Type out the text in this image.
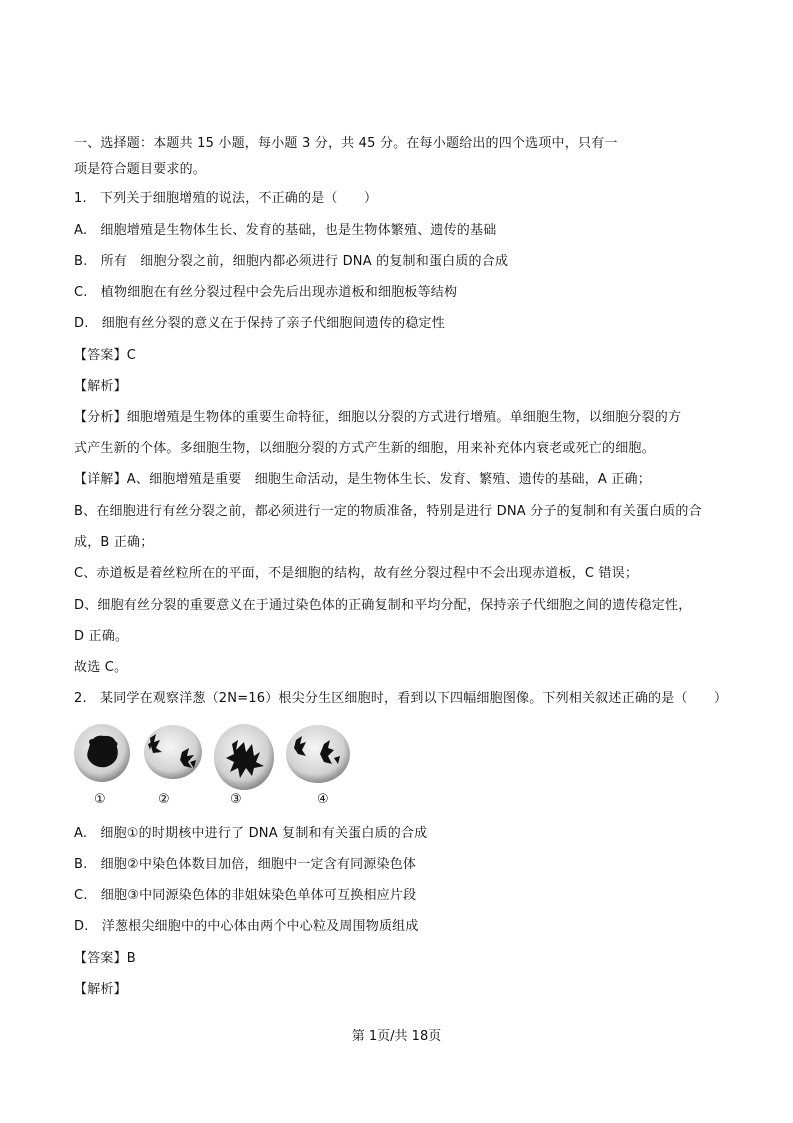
一、选择题：本题共 15 小题，每小题 3 分，共 45 分。在每小题给出的四个选项中，只有一
项是符合题目要求的。
1.　下列关于细胞增殖的说法，不正确的是（　　）
A.　细胞增殖是生物体生长、发育的基础，也是生物体繁殖、遗传的基础
B.　所有　细胞分裂之前，细胞内都必须进行 DNA 的复制和蛋白质的合成
C.　植物细胞在有丝分裂过程中会先后出现赤道板和细胞板等结构
D.　细胞有丝分裂的意义在于保持了亲子代细胞间遗传的稳定性
【答案】C
【解析】
【分析】细胞增殖是生物体的重要生命特征，细胞以分裂的方式进行增殖。单细胞生物，以细胞分裂的方
式产生新的个体。多细胞生物，以细胞分裂的方式产生新的细胞，用来补充体内衰老或死亡的细胞。
【详解】A、细胞增殖是重要　细胞生命活动，是生物体生长、发育、繁殖、遗传的基础，A 正确；
B、在细胞进行有丝分裂之前，都必须进行一定的物质准备，特别是进行 DNA 分子的复制和有关蛋白质的合
成，B 正确；
C、赤道板是着丝粒所在的平面，不是细胞的结构，故有丝分裂过程中不会出现赤道板，C 错误；
D、细胞有丝分裂的重要意义在于通过染色体的正确复制和平均分配，保持亲子代细胞之间的遗传稳定性，
D 正确。
故选 C。
2.　某同学在观察洋葱（2N=16）根尖分生区细胞时，看到以下四幅细胞图像。下列相关叙述正确的是（　　）
①	②	③	④
A.　细胞①的时期核中进行了 DNA 复制和有关蛋白质的合成
B.　细胞②中染色体数目加倍，细胞中一定含有同源染色体
C.　细胞③中同源染色体的非姐妹染色单体可互换相应片段
D.　洋葱根尖细胞中的中心体由两个中心粒及周围物质组成
【答案】B
【解析】
第 1页/共 18页
